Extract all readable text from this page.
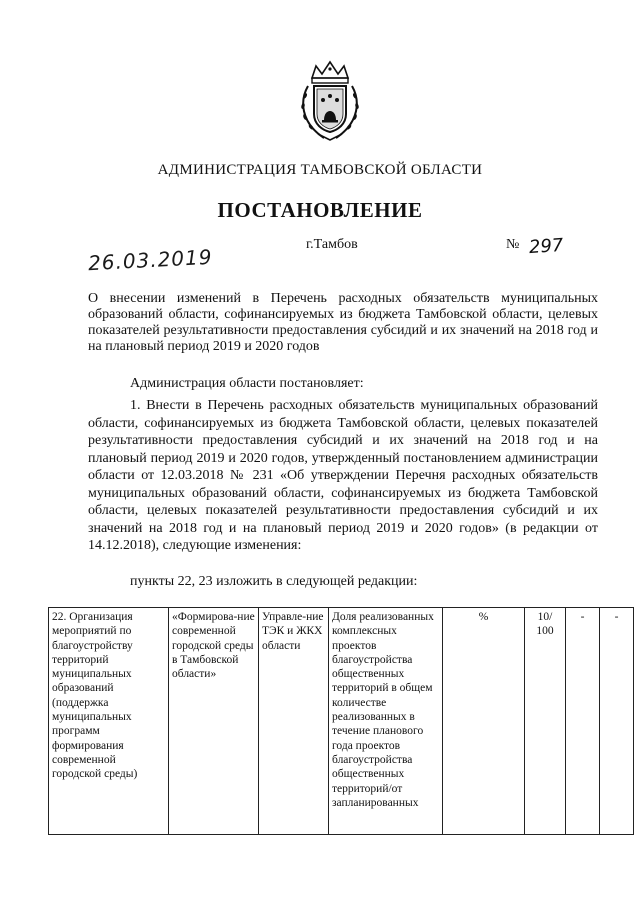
АДМИНИСТРАЦИЯ ТАМБОВСКОЙ ОБЛАСТИ
ПОСТАНОВЛЕНИЕ
26.03.2019
г.Тамбов	№ 297
О внесении изменений в Перечень расходных обязательств муниципальных образований области, софинансируемых из бюджета Тамбовской области, целевых показателей результативности предоставления субсидий и их значений на 2018 год и на плановый период 2019 и 2020 годов
Администрация области постановляет:
1. Внести в Перечень расходных обязательств муниципальных образований области, софинансируемых из бюджета Тамбовской области, целевых показателей результативности предоставления субсидий и их значений на 2018 год и на плановый период 2019 и 2020 годов, утвержденный постановлением администрации области от 12.03.2018 № 231 «Об утверждении Перечня расходных обязательств муниципальных образований области, софинансируемых из бюджета Тамбовской области, целевых показателей результативности предоставления субсидий и их значений на 2018 год и на плановый период 2019 и 2020 годов» (в редакции от 14.12.2018), следующие изменения:
пункты 22, 23 изложить в следующей редакции:
22. Организация мероприятий по благоустройству территорий муниципальных образований (поддержка муниципальных программ формирования современной городской среды)	«Формирова-ние современной городской среды в Тамбовской области»	Управле-ние ТЭК и ЖКХ области	Доля реализованных комплексных проектов благоустройства общественных территорий в общем количестве реализованных в течение планового года проектов благоустройства общественных территорий/от запланированных	%	10/ 100	-	-
